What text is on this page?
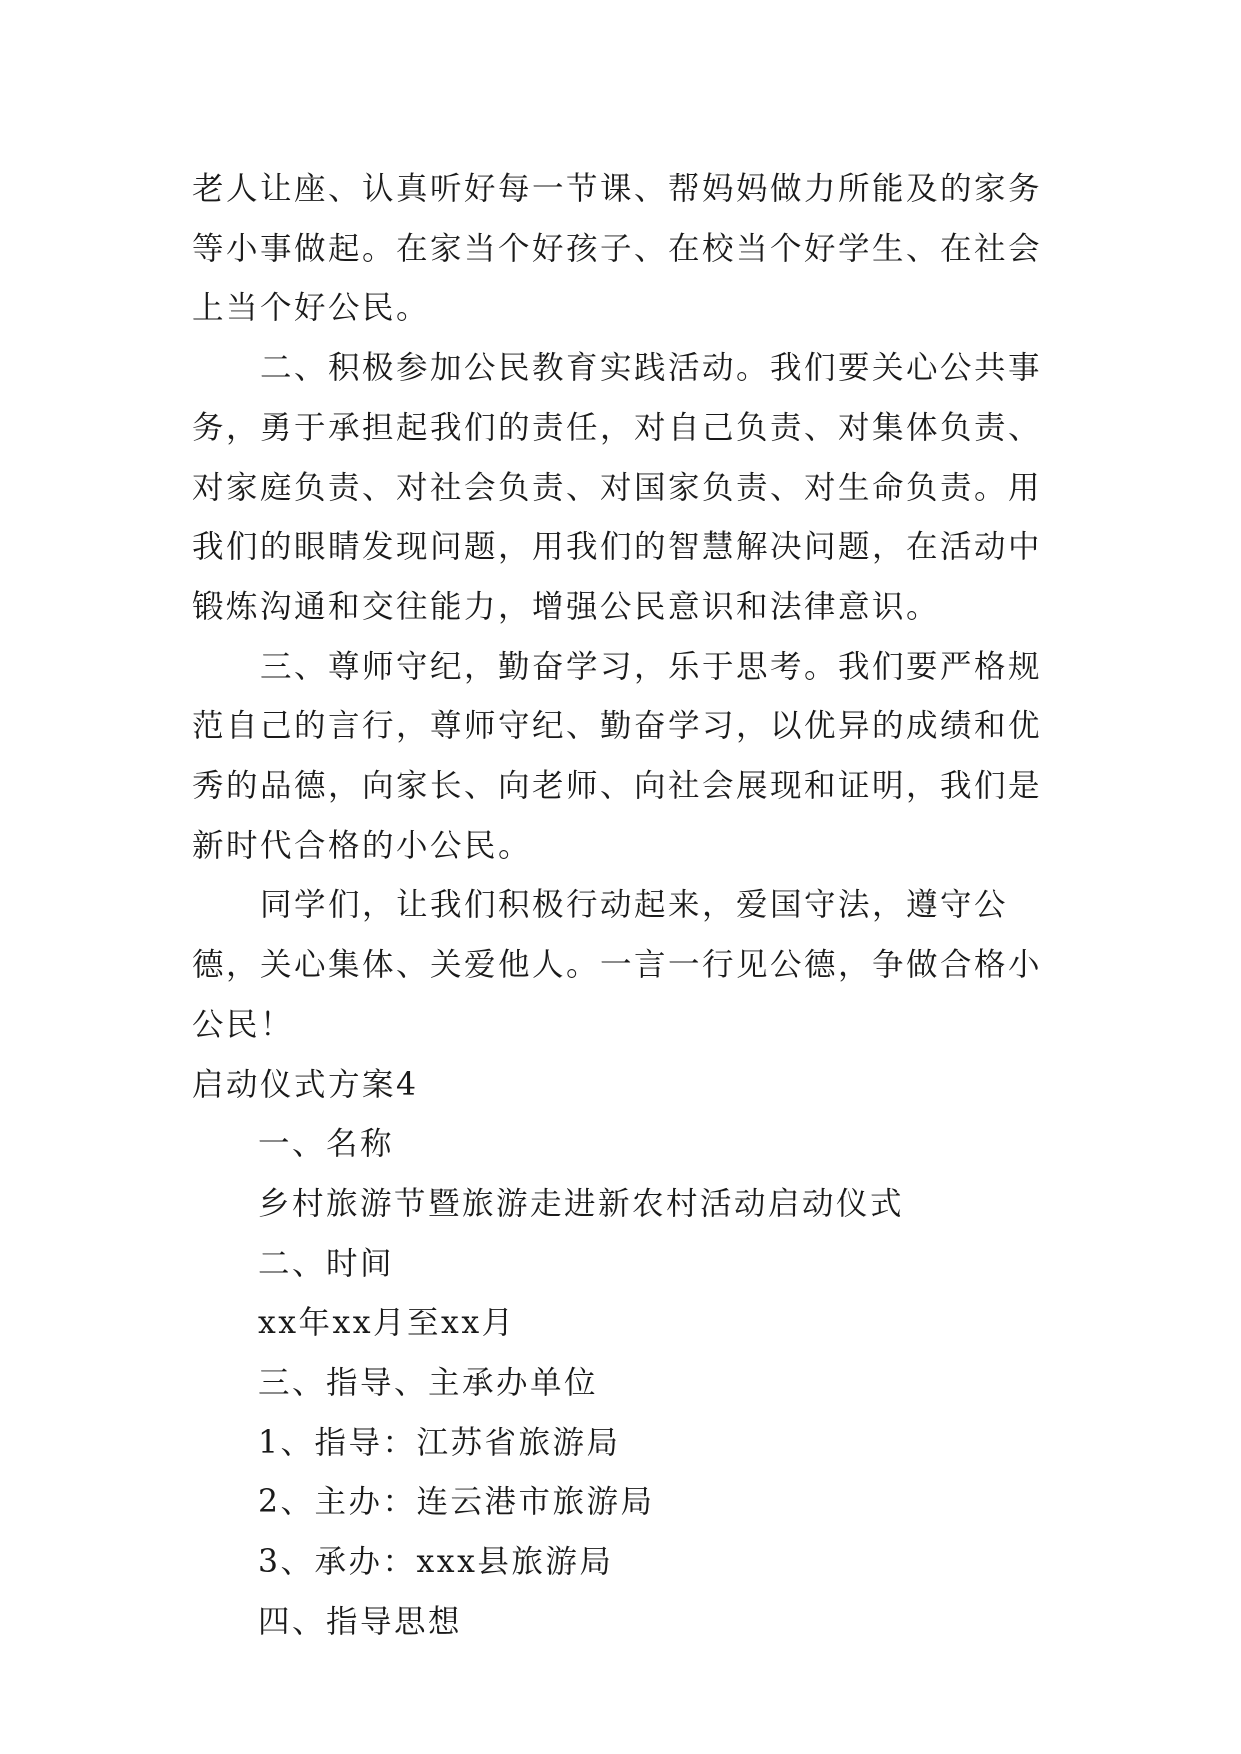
老人让座、认真听好每一节课、帮妈妈做力所能及的家务等小事做起。在家当个好孩子、在校当个好学生、在社会上当个好公民。

二、积极参加公民教育实践活动。我们要关心公共事务，勇于承担起我们的责任，对自己负责、对集体负责、对家庭负责、对社会负责、对国家负责、对生命负责。用我们的眼睛发现问题，用我们的智慧解决问题，在活动中锻炼沟通和交往能力，增强公民意识和法律意识。

三、尊师守纪，勤奋学习，乐于思考。我们要严格规范自己的言行，尊师守纪、勤奋学习，以优异的成绩和优秀的品德，向家长、向老师、向社会展现和证明，我们是新时代合格的小公民。

同学们，让我们积极行动起来，爱国守法，遵守公德，关心集体、关爱他人。一言一行见公德，争做合格小公民！

启动仪式方案4

一、名称

乡村旅游节暨旅游走进新农村活动启动仪式

二、时间

xx年xx月至xx月

三、指导、主承办单位

1、指导：江苏省旅游局

2、主办：连云港市旅游局

3、承办：xxx县旅游局

四、指导思想
